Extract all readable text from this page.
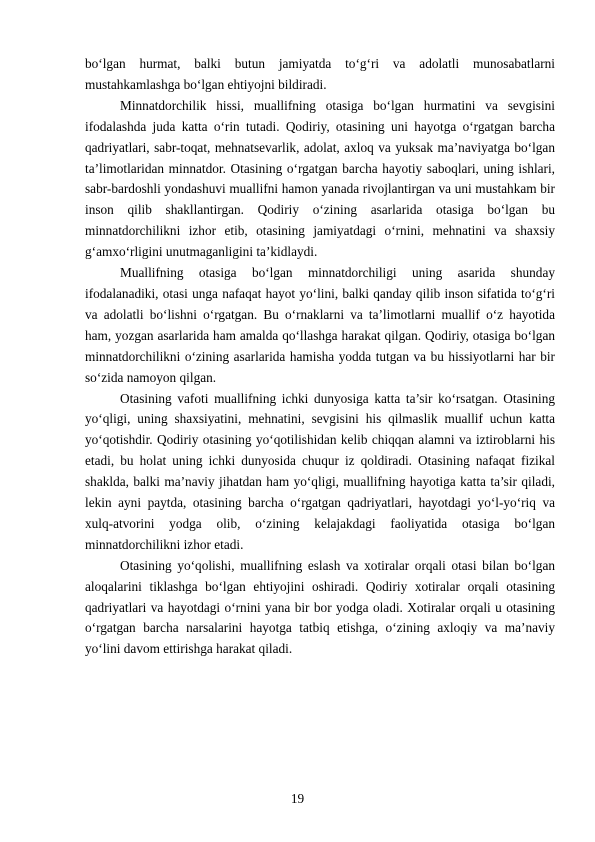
bo‘lgan hurmat, balki butun jamiyatda to‘g‘ri va adolatli munosabatlarni mustahkamlashga bo‘lgan ehtiyojni bildiradi.

Minnatdorchilik hissi, muallifning otasiga bo‘lgan hurmatini va sevgisini ifodalashda juda katta o‘rin tutadi. Qodiriy, otasining uni hayotga o‘rgatgan barcha qadriyatlari, sabr-toqat, mehnatsevarlik, adolat, axloq va yuksak ma’naviyatga bo‘lgan ta’limotlaridan minnatdor. Otasining o‘rgatgan barcha hayotiy saboqlari, uning ishlari, sabr-bardoshli yondashuvi muallifni hamon yanada rivojlantirgan va uni mustahkam bir inson qilib shakllantirgan. Qodiriy o‘zining asarlarida otasiga bo‘lgan bu minnatdorchilikni izhor etib, otasining jamiyatdagi o‘rnini, mehnatini va shaxsiy g‘amxo‘rligini unutmaganligini ta’kidlaydi.

Muallifning otasiga bo‘lgan minnatdorchiligi uning asarida shunday ifodalanadiki, otasi unga nafaqat hayot yo‘lini, balki qanday qilib inson sifatida to‘g‘ri va adolatli bo‘lishni o‘rgatgan. Bu o‘rnaklarni va ta’limotlarni muallif o‘z hayotida ham, yozgan asarlarida ham amalda qo‘llashga harakat qilgan. Qodiriy, otasiga bo‘lgan minnatdorchilikni o‘zining asarlarida hamisha yodda tutgan va bu hissiyotlarni har bir so‘zida namoyon qilgan.

Otasining vafoti muallifning ichki dunyosiga katta ta’sir ko‘rsatgan. Otasining yo‘qligi, uning shaxsiyatini, mehnatini, sevgisini his qilmaslik muallif uchun katta yo‘qotishdir. Qodiriy otasining yo‘qotilishidan kelib chiqqan alamni va iztiroblarni his etadi, bu holat uning ichki dunyosida chuqur iz qoldiradi. Otasining nafaqat fizikal shaklda, balki ma’naviy jihatdan ham yo‘qligi, muallifning hayotiga katta ta’sir qiladi, lekin ayni paytda, otasining barcha o‘rgatgan qadriyatlari, hayotdagi yo‘l-yo‘riq va xulq-atvorini yodga olib, o‘zining kelajakdagi faoliyatida otasiga bo‘lgan minnatdorchilikni izhor etadi.

Otasining yo‘qolishi, muallifning eslash va xotiralar orqali otasi bilan bo‘lgan aloqalarini tiklashga bo‘lgan ehtiyojini oshiradi. Qodiriy xotiralar orqali otasining qadriyatlari va hayotdagi o‘rnini yana bir bor yodga oladi. Xotiralar orqali u otasining o‘rgatgan barcha narsalarini hayotga tatbiq etishga, o‘zining axloqiy va ma’naviy yo‘lini davom ettirishga harakat qiladi.

19
